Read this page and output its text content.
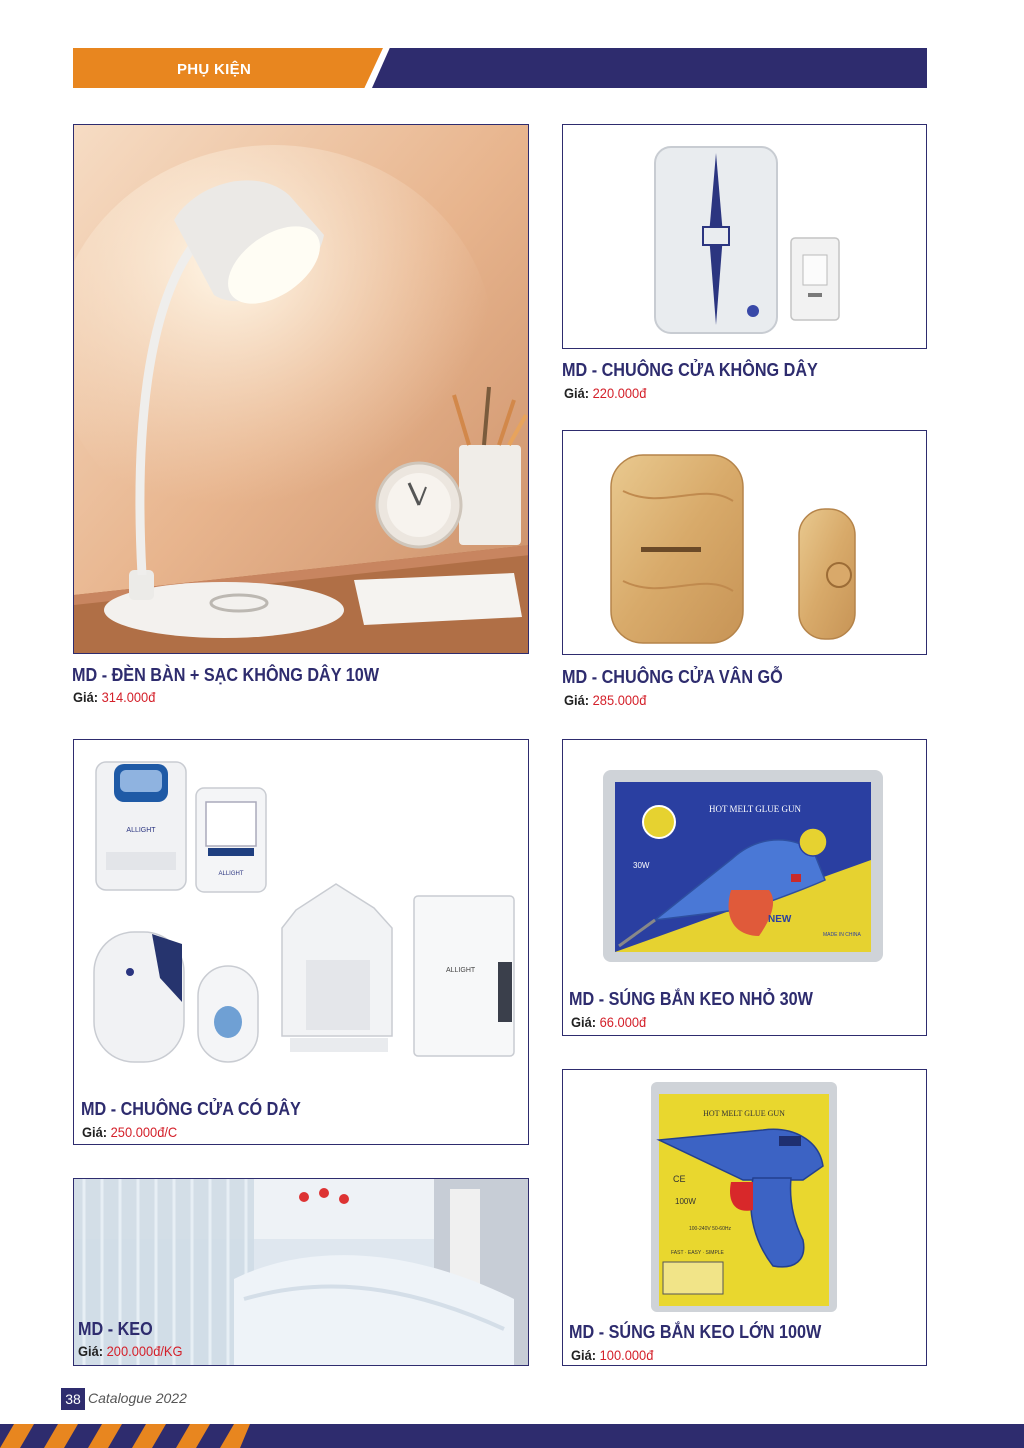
PHỤ KIỆN
MD - ĐÈN BÀN + SẠC KHÔNG DÂY 10W
Giá: 314.000đ
MD - CHUÔNG CỬA KHÔNG DÂY
Giá: 220.000đ
MD - CHUÔNG CỬA VÂN GỖ
Giá: 285.000đ
ALLIGHT
ALLIGHT
ALLIGHT
MD - CHUÔNG CỬA CÓ DÂY
Giá: 250.000đ/C
HOT MELT GLUE GUN
30W
NEW
MADE IN CHINA
MD - SÚNG BẮN KEO NHỎ 30W
Giá: 66.000đ
MD - KEO
Giá: 200.000đ/KG
HOT MELT GLUE GUN
CE
100W
100-240V 50-60Hz
FAST · EASY · SIMPLE
MD - SÚNG BẮN KEO LỚN 100W
Giá: 100.000đ
38 Catalogue 2022
